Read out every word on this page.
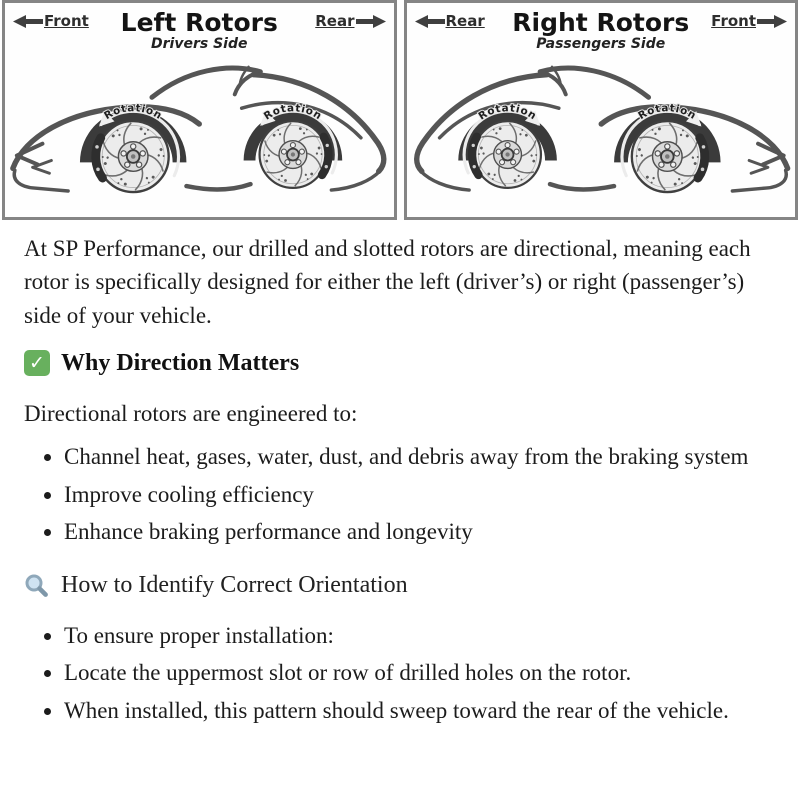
Front Left Rotors
Drivers Side
Rear
Rotation	Rotation
Rear Right Rotors
Passengers Side
Front
Rotation
Rotation

At SP Performance, our drilled and slotted rotors are directional, meaning each rotor is specifically designed for either the left (driver’s) or right (passenger’s) side of your vehicle.

✓ Why Direction Matters

Directional rotors are engineered to:

• Channel heat, gases, water, dust, and debris away from the braking system
• Improve cooling efficiency
• Enhance braking performance and longevity
How to Identify Correct Orientation
• To ensure proper installation:
• Locate the uppermost slot or row of drilled holes on the rotor.
• When installed, this pattern should sweep toward the rear of the vehicle.
